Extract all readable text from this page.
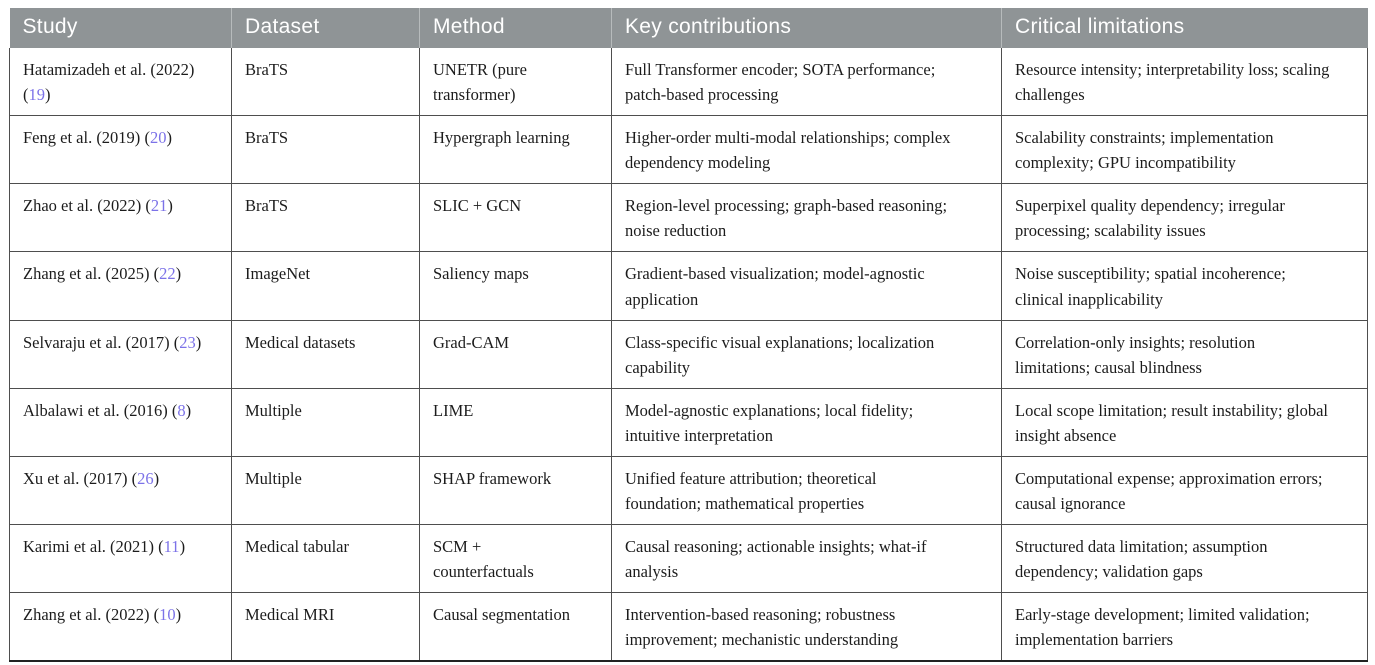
Study	Dataset	Method	Key contributions	Critical limitations
Hatamizadeh et al. (2022) (19)	BraTS	UNETR (pure transformer)	Full Transformer encoder; SOTA performance; patch-based processing	Resource intensity; interpretability loss; scaling challenges
Feng et al. (2019) (20)	BraTS	Hypergraph learning	Higher-order multi-modal relationships; complex dependency modeling	Scalability constraints; implementation complexity; GPU incompatibility
Zhao et al. (2022) (21)	BraTS	SLIC + GCN	Region-level processing; graph-based reasoning; noise reduction	Superpixel quality dependency; irregular processing; scalability issues
Zhang et al. (2025) (22)	ImageNet	Saliency maps	Gradient-based visualization; model-agnostic application	Noise susceptibility; spatial incoherence; clinical inapplicability
Selvaraju et al. (2017) (23)	Medical datasets	Grad-CAM	Class-specific visual explanations; localization capability	Correlation-only insights; resolution limitations; causal blindness
Albalawi et al. (2016) (8)	Multiple	LIME	Model-agnostic explanations; local fidelity; intuitive interpretation	Local scope limitation; result instability; global insight absence
Xu et al. (2017) (26)	Multiple	SHAP framework	Unified feature attribution; theoretical foundation; mathematical properties	Computational expense; approximation errors; causal ignorance
Karimi et al. (2021) (11)	Medical tabular	SCM + counterfactuals	Causal reasoning; actionable insights; what-if analysis	Structured data limitation; assumption dependency; validation gaps
Zhang et al. (2022) (10)	Medical MRI	Causal segmentation	Intervention-based reasoning; robustness improvement; mechanistic understanding	Early-stage development; limited validation; implementation barriers
